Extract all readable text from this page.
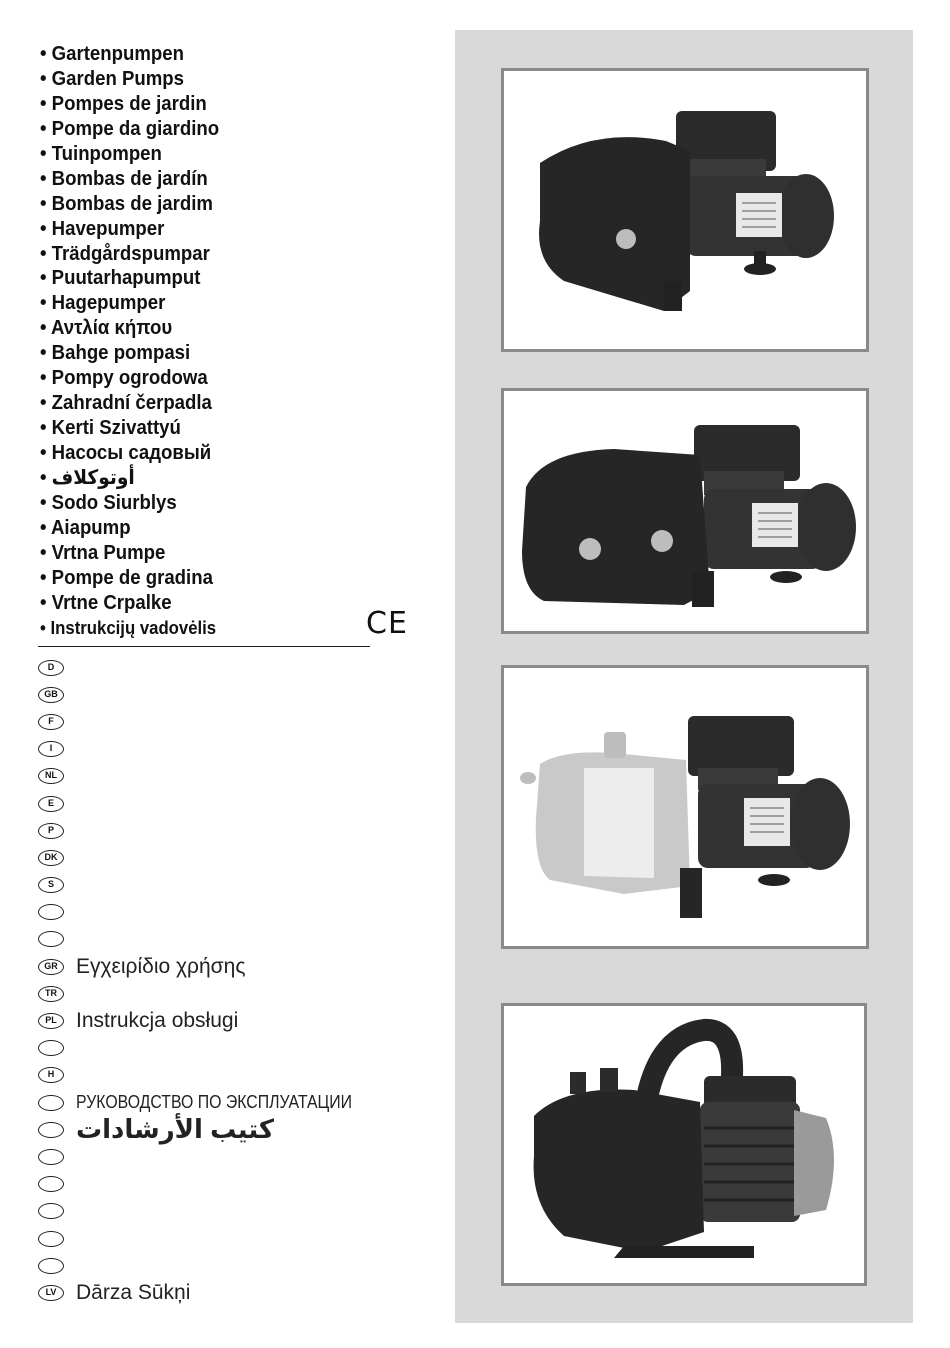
• Gartenpumpen
• Garden Pumps
• Pompes de jardin
• Pompe da giardino
• Tuinpompen
• Bombas de jardín
• Bombas de jardim
• Havepumper
• Trädgårdspumpar
• Puutarhapumput
• Hagepumper
• Αντλία κήπου
• Bahge pompasi
• Pompy ogrodowa
• Zahradní čerpadla
• Kerti Szivattyú
• Насосы садовый
• أوتوكلاف
• Sodo Siurblys
• Aiapump
• Vrtna Pumpe
• Pompe de gradina
• Vrtne Crpalke
• Instrukcijų vadovėlis	CE
D
GB
F
I
NL
E
P
DK
S
GR Εγχειρίδιο χρήσης
TR
PL Instrukcja obsługi
H
РУКОВОДСТВО ПО ЭКСПЛУАТАЦИИ
كتيب الأرشادات
LV Dārza Sūkņi
